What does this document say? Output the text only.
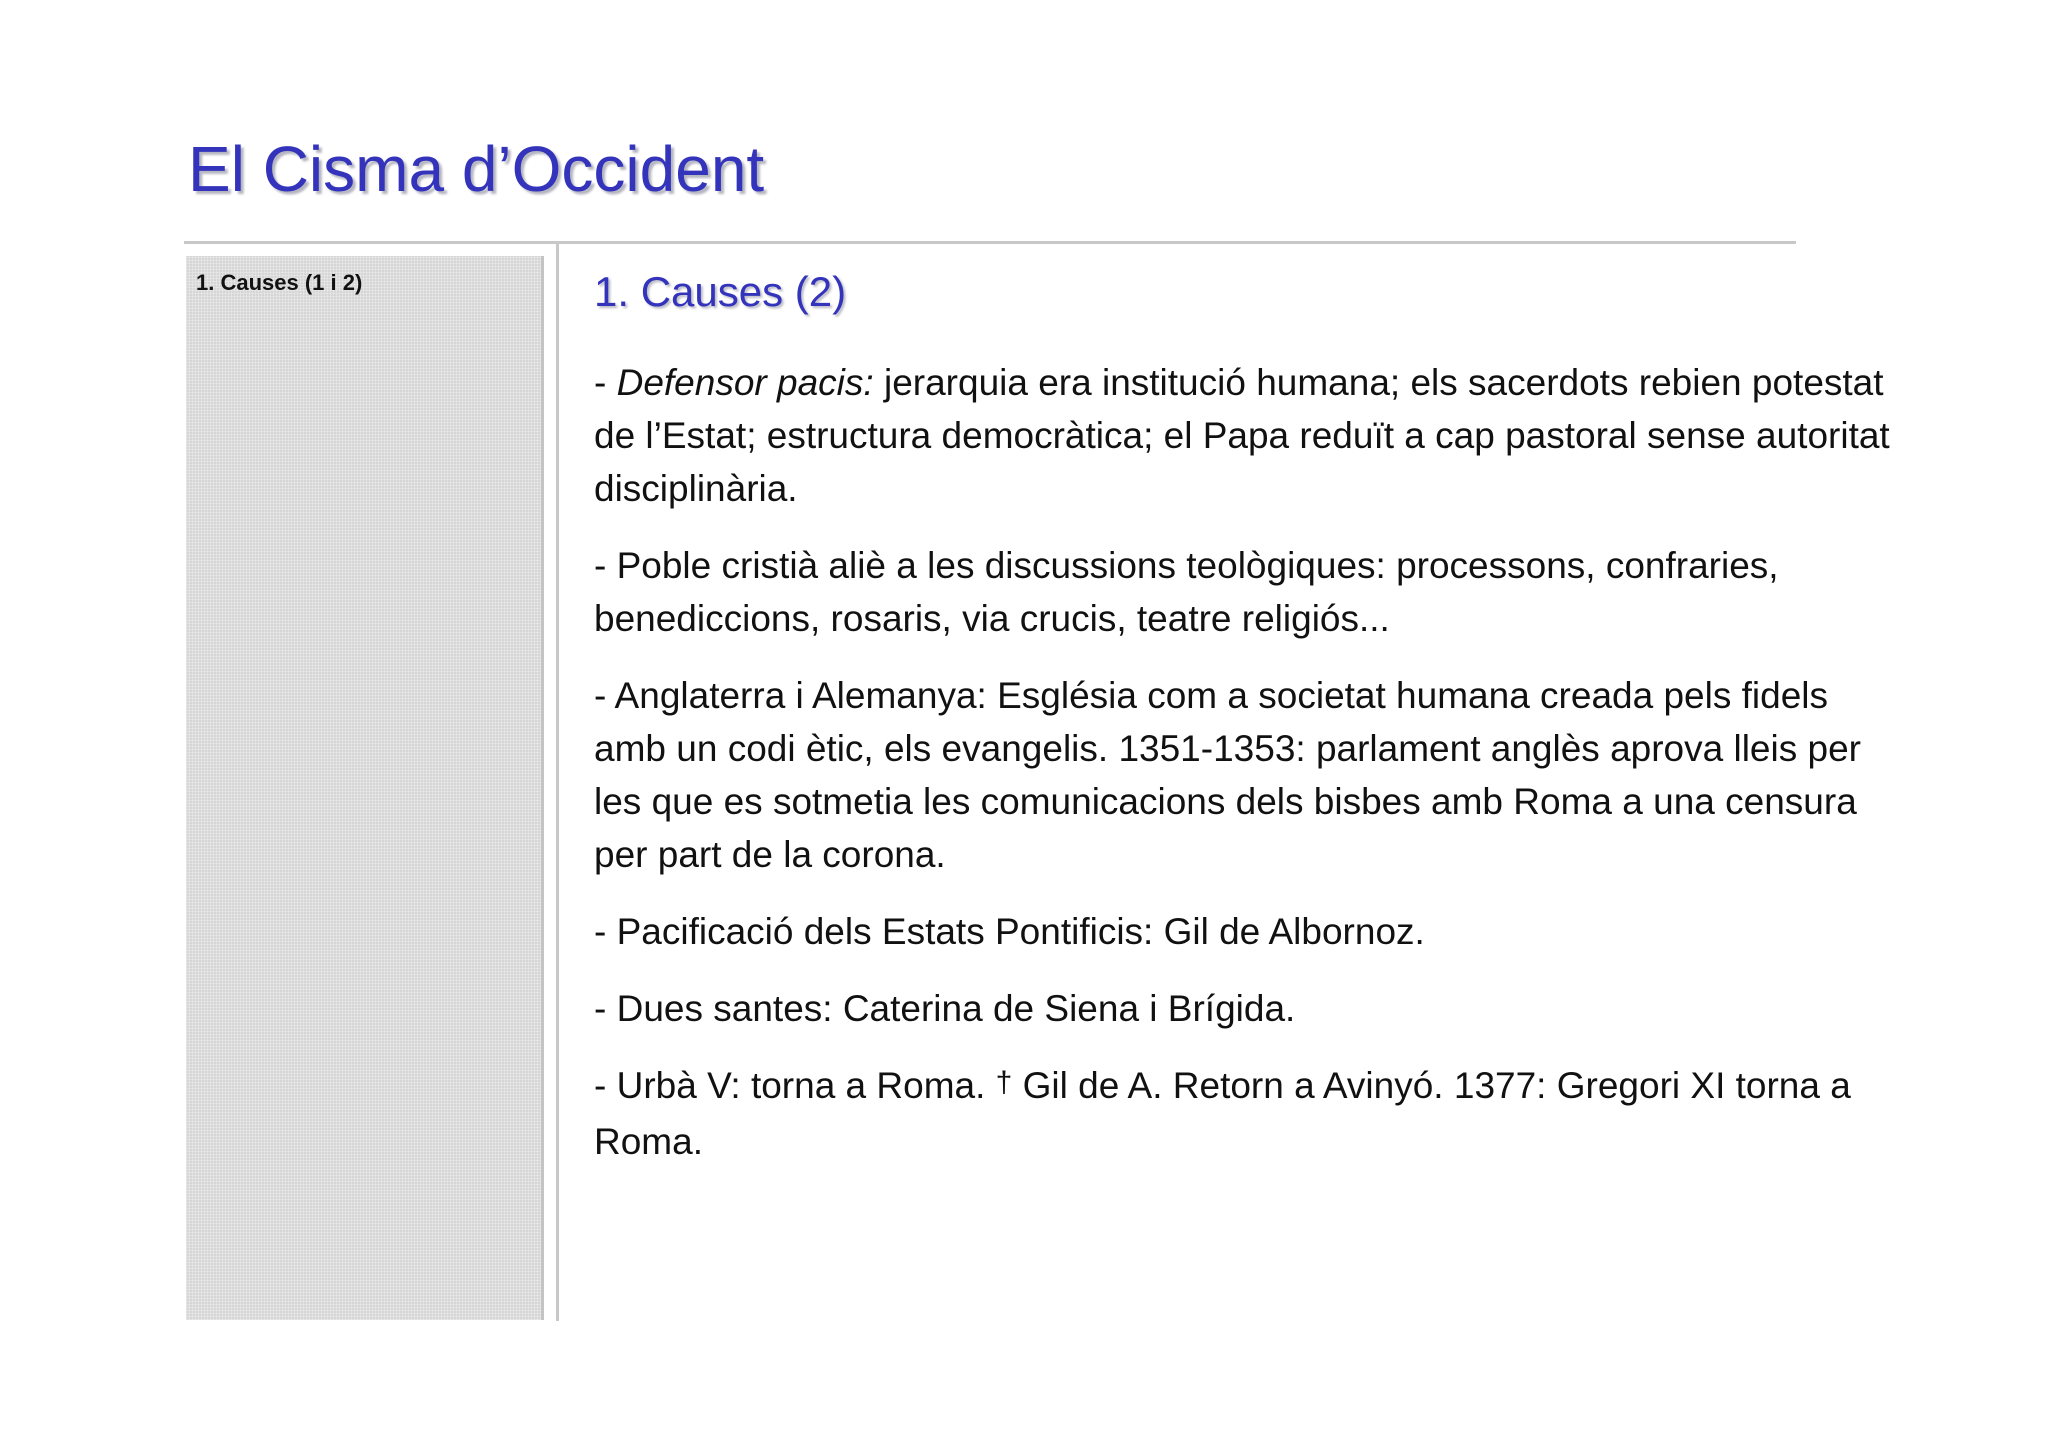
El Cisma d’Occident
1. Causes (1 i 2)	1. Causes (2)

- Defensor pacis: jerarquia era institució humana; els sacerdots rebien potestat de l’Estat; estructura democràtica; el Papa reduït a cap pastoral sense autoritat disciplinària.

- Poble cristià aliè a les discussions teològiques: processons, confraries, benediccions, rosaris, via crucis, teatre religiós...

- Anglaterra i Alemanya: Església com a societat humana creada pels fidels amb un codi ètic, els evangelis. 1351-1353: parlament anglès aprova lleis per les que es sotmetia les comunicacions dels bisbes amb Roma a una censura per part de la corona.

- Pacificació dels Estats Pontificis: Gil de Albornoz.

- Dues santes: Caterina de Siena i Brígida.

- Urbà V: torna a Roma. † Gil de A. Retorn a Avinyó. 1377: Gregori XI torna a Roma.
